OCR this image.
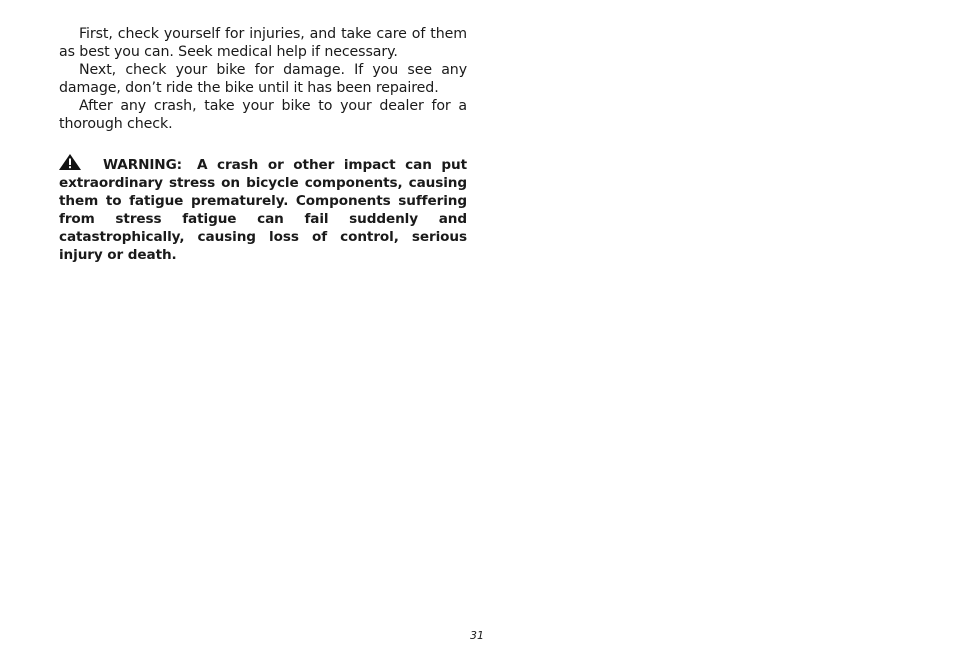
First, check yourself for injuries, and take care of them as best you can. Seek medical help if necessary.

Next, check your bike for damage. If you see any damage, don’t ride the bike until it has been repaired.

After any crash, take your bike to your dealer for a thorough check.

WARNING: A crash or other impact can put extraordinary stress on bicycle components, causing them to fatigue prematurely. Components suffering from stress fatigue can fail suddenly and catastrophically, causing loss of control, serious injury or death.

31
